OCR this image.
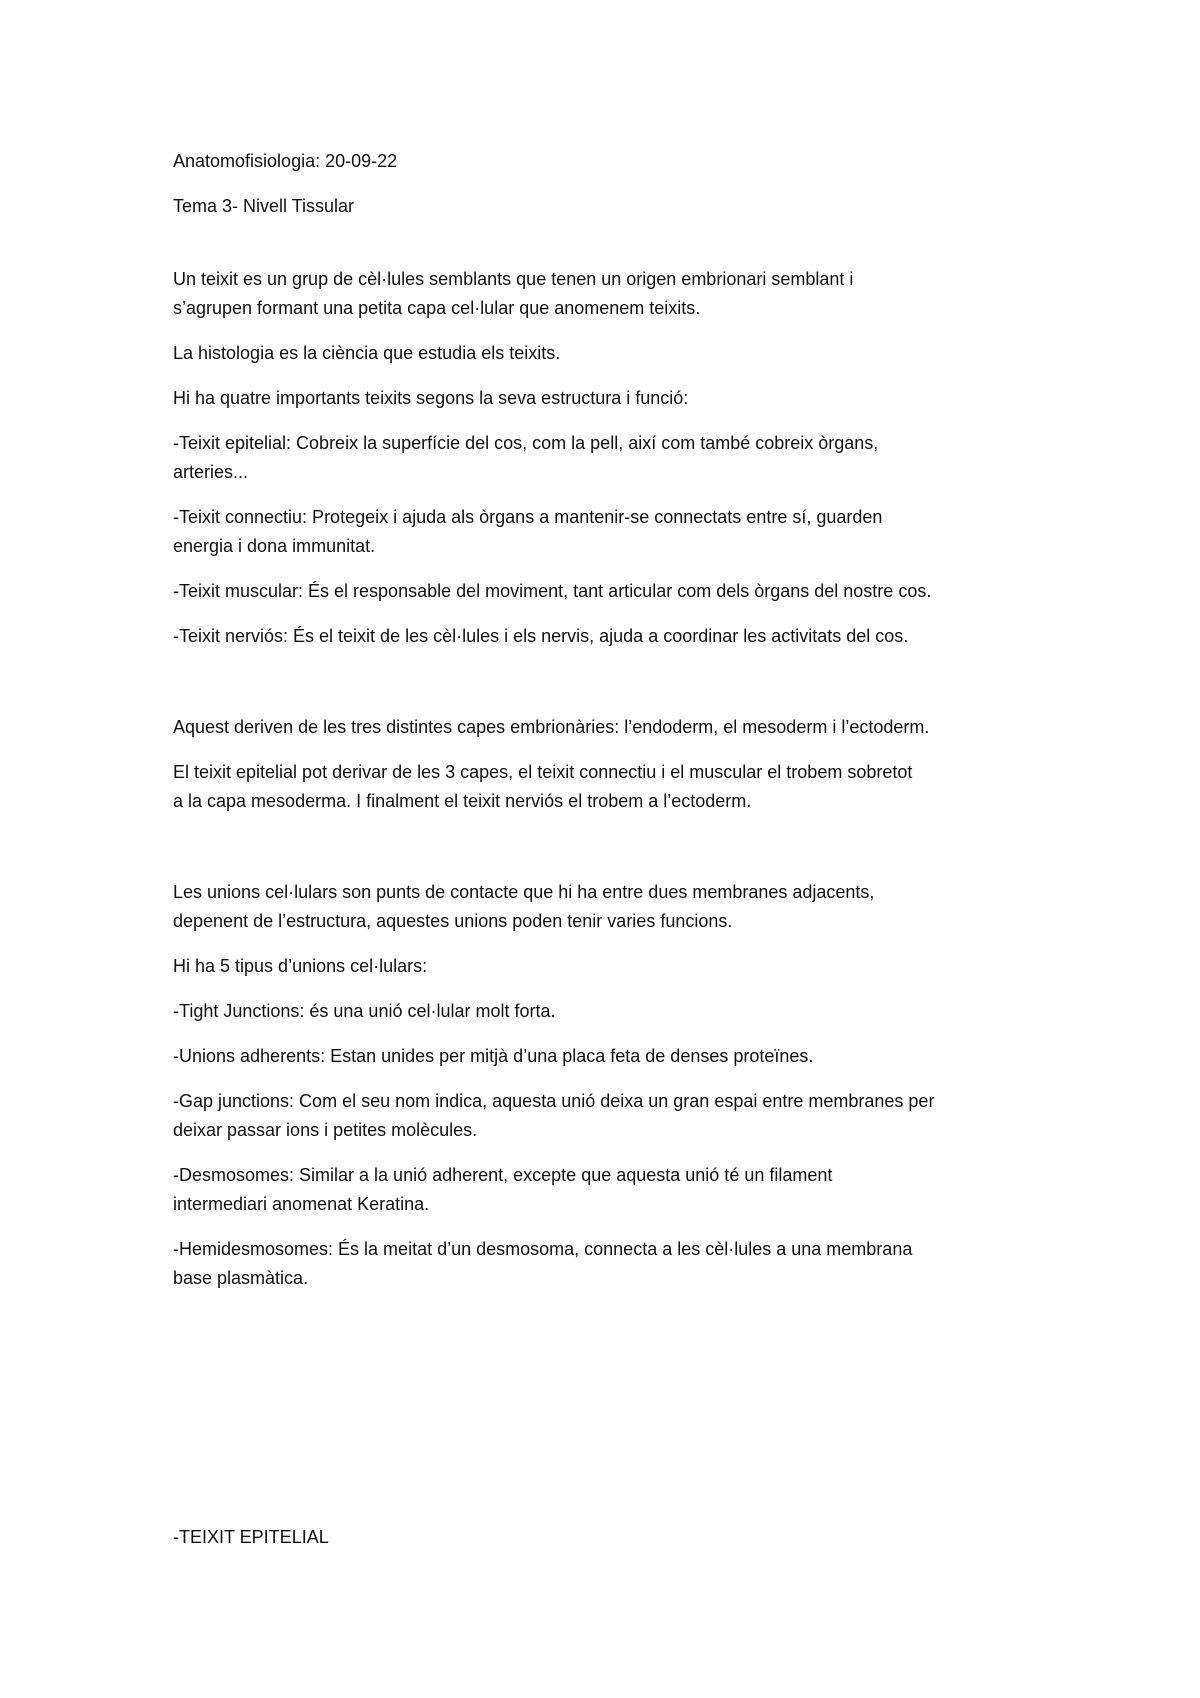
Anatomofisiologia: 20-09-22
Tema 3- Nivell Tissular
Un teixit es un grup de cèl·lules semblants que tenen un origen embrionari semblant i
s’agrupen formant una petita capa cel·lular que anomenem teixits.
La histologia es la ciència que estudia els teixits.
Hi ha quatre importants teixits segons la seva estructura i funció:
-Teixit epitelial: Cobreix la superfície del cos, com la pell, així com també cobreix òrgans,
arteries...
-Teixit connectiu: Protegeix i ajuda als òrgans a mantenir-se connectats entre sí, guarden
energia i dona immunitat.
-Teixit muscular: És el responsable del moviment, tant articular com dels òrgans del nostre cos.
-Teixit nerviós: És el teixit de les cèl·lules i els nervis, ajuda a coordinar les activitats del cos.
Aquest deriven de les tres distintes capes embrionàries: l’endoderm, el mesoderm i l’ectoderm.
El teixit epitelial pot derivar de les 3 capes, el teixit connectiu i el muscular el trobem sobretot
a la capa mesoderma. I finalment el teixit nerviós el trobem a l’ectoderm.
Les unions cel·lulars son punts de contacte que hi ha entre dues membranes adjacents,
depenent de l’estructura, aquestes unions poden tenir varies funcions.
Hi ha 5 tipus d’unions cel·lulars:
-Tight Junctions: és una unió cel·lular molt forta.
-Unions adherents: Estan unides per mitjà d’una placa feta de denses proteïnes.
-Gap junctions: Com el seu nom indica, aquesta unió deixa un gran espai entre membranes per
deixar passar ions i petites molècules.
-Desmosomes: Similar a la unió adherent, excepte que aquesta unió té un filament
intermediari anomenat Keratina.
-Hemidesmosomes: És la meitat d’un desmosoma, connecta a les cèl·lules a una membrana
base plasmàtica.
-TEIXIT EPITELIAL
